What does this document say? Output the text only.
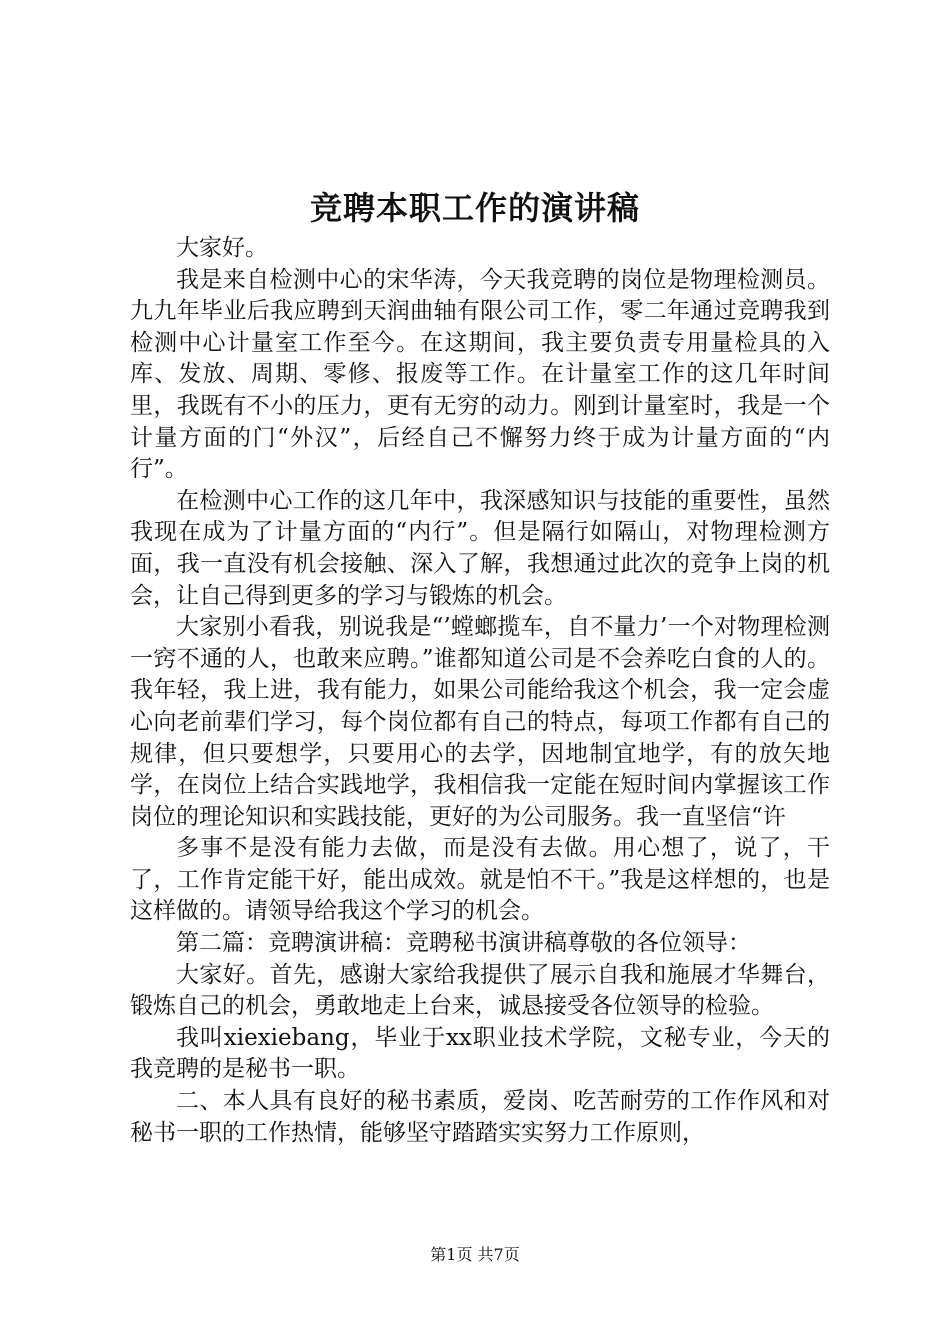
竞聘本职工作的演讲稿

大家好。

我是来自检测中心的宋华涛，今天我竞聘的岗位是物理检测员。九九年毕业后我应聘到天润曲轴有限公司工作，零二年通过竞聘我到检测中心计量室工作至今。在这期间，我主要负责专用量检具的入库、发放、周期、零修、报废等工作。在计量室工作的这几年时间里，我既有不小的压力，更有无穷的动力。刚到计量室时，我是一个计量方面的门“外汉”，后经自己不懈努力终于成为计量方面的“内行”。

在检测中心工作的这几年中，我深感知识与技能的重要性，虽然我现在成为了计量方面的“内行”。但是隔行如隔山，对物理检测方面，我一直没有机会接触、深入了解，我想通过此次的竞争上岗的机会，让自己得到更多的学习与锻炼的机会。

大家别小看我，别说我是“’螳螂揽车，自不量力’一个对物理检测一窍不通的人，也敢来应聘。”谁都知道公司是不会养吃白食的人的。我年轻，我上进，我有能力，如果公司能给我这个机会，我一定会虚心向老前辈们学习，每个岗位都有自己的特点，每项工作都有自己的规律，但只要想学，只要用心的去学，因地制宜地学，有的放矢地学，在岗位上结合实践地学，我相信我一定能在短时间内掌握该工作岗位的理论知识和实践技能，更好的为公司服务。我一直坚信“许

多事不是没有能力去做，而是没有去做。用心想了，说了，干了，工作肯定能干好，能出成效。就是怕不干。”我是这样想的，也是这样做的。请领导给我这个学习的机会。

第二篇：竞聘演讲稿：竞聘秘书演讲稿尊敬的各位领导：

大家好。首先，感谢大家给我提供了展示自我和施展才华舞台，锻炼自己的机会，勇敢地走上台来，诚恳接受各位领导的检验。

我叫xiexiebang，毕业于xx职业技术学院，文秘专业，今天的我竞聘的是秘书一职。

二、本人具有良好的秘书素质，爱岗、吃苦耐劳的工作作风和对秘书一职的工作热情，能够坚守踏踏实实努力工作原则，

第1页 共7页
